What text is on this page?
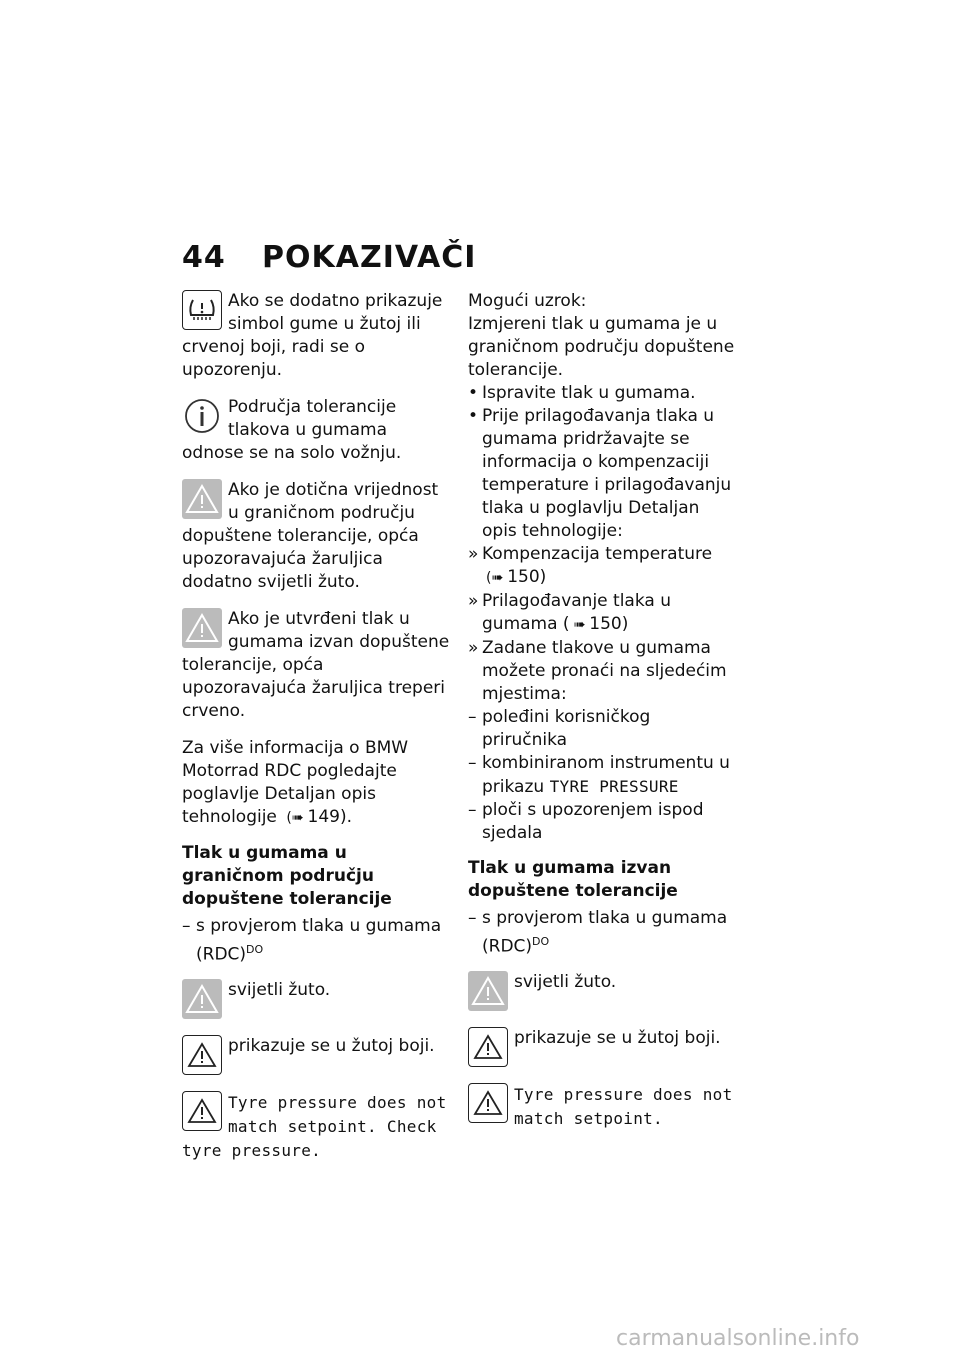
44 POKAZIVAČI
Ako se dodatno prikazuje simbol gume u žutoj ili crvenoj boji, radi se o upozorenju.
Područja tolerancije tlakova u gumama odnose se na solo vožnju.
Ako je dotična vrijednost u graničnom području dopuštene tolerancije, opća upozoravajuća žaruljica dodatno svijetli žuto.
Ako je utvrđeni tlak u gumama izvan dopuštene tolerancije, opća upozoravajuća žaruljica treperi crveno.

Za više informacija o BMW Motorrad RDC pogledajte poglavlje Detaljan opis tehnologije (➠ 149).

Tlak u gumama u graničnom području dopuštene tolerancije
– s provjerom tlaka u gumama (RDC)$^{DO}$
svijetli žuto.
prikazuje se u žutoj boji.
Tyre pressure does not match setpoint. Check tyre pressure.
Mogući uzrok:
Izmjereni tlak u gumama je u graničnom području dopuštene tolerancije.
• Ispravite tlak u gumama.
• Prije prilagođavanja tlaka u gumama pridržavajte se informacija o kompenzaciji temperature i prilagođavanju tlaka u poglavlju Detaljan opis tehnologije:
» Kompenzacija temperature
(➠ 150)
» Prilagođavanje tlaka u gumama ( ➠ 150)
» Zadane tlakove u gumama možete pronaći na sljedećim mjestima:
– poleđini korisničkog priručnika
– kombiniranom instrumentu u prikazu TYRE PRESSURE
– ploči s upozorenjem ispod sjedala
Tlak u gumama izvan dopuštene tolerancije
– s provjerom tlaka u gumama (RDC)$^{DO}$
svijetli žuto.
prikazuje se u žutoj boji.
Tyre pressure does not match setpoint.
carmanualsonline.info
